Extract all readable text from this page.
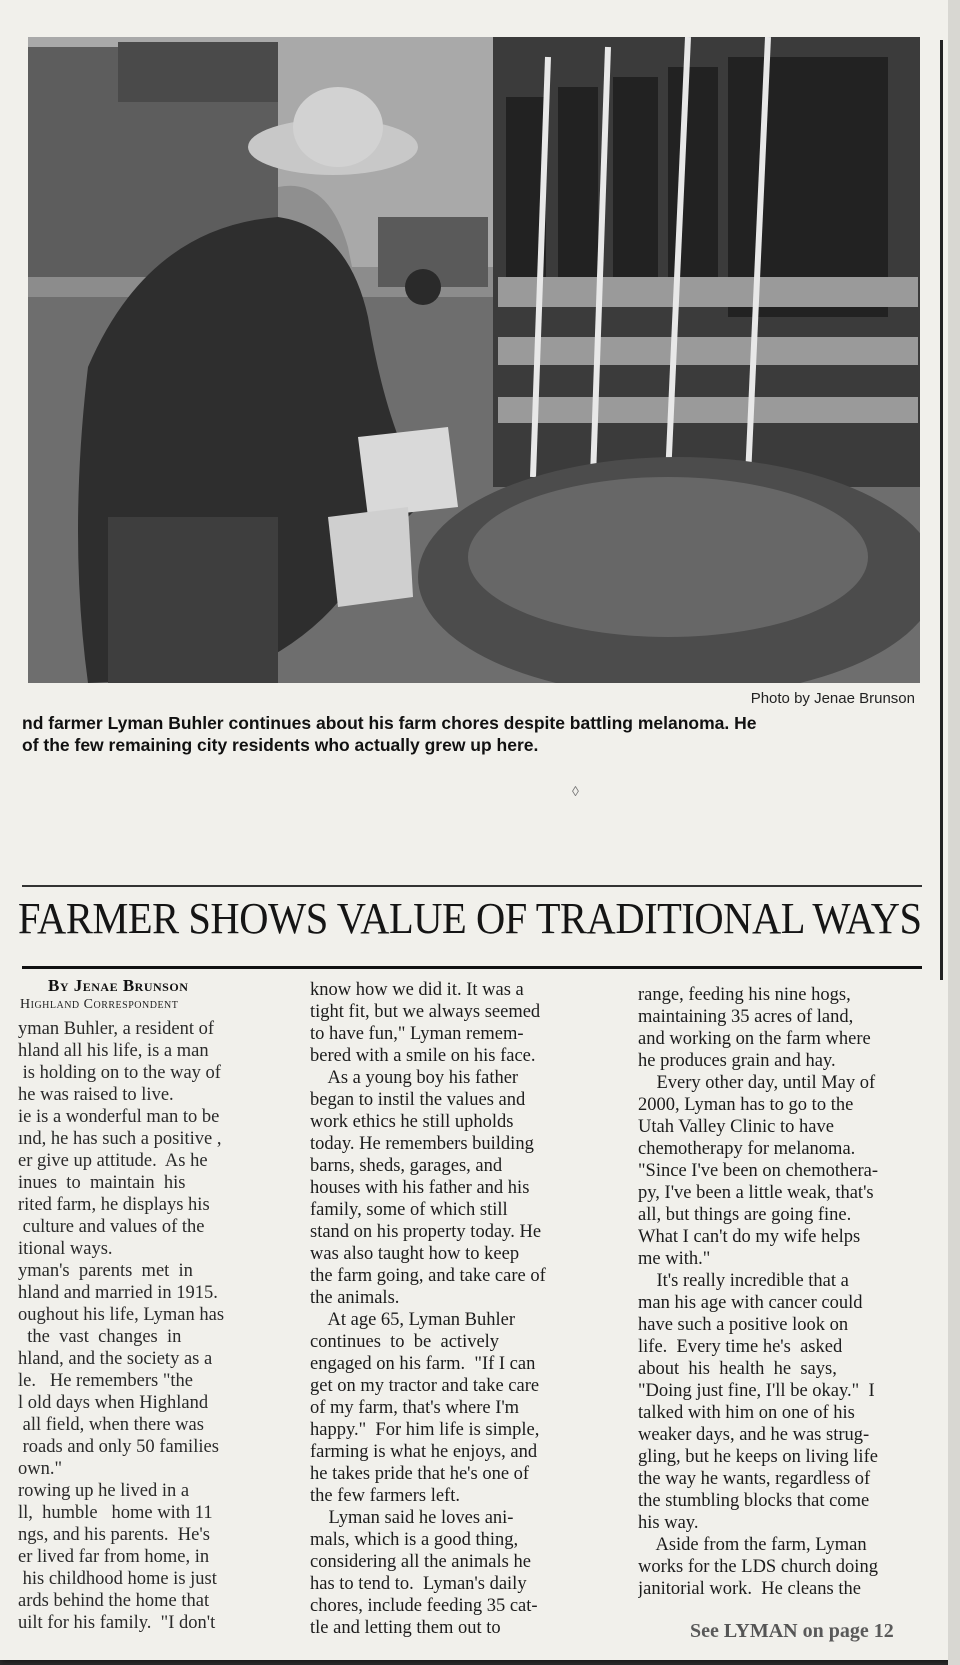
Photo by Jenae Brunson
nd farmer Lyman Buhler continues about his farm chores despite battling melanoma. He
of the few remaining city residents who actually grew up here.
◊
FARMER SHOWS VALUE OF TRADITIONAL WAYS
By Jenae Brunson
Highland Correspondent
yman Buhler, a resident of
hland all his life, is a man
is holding on to the way of
he was raised to live.
ie is a wonderful man to be
ınd, he has such a positive ,
er give up attitude.  As he
inues  to  maintain  his
rited farm, he displays his
culture and values of the
itional ways.
yman's  parents  met  in
hland and married in 1915.
oughout his life, Lyman has
the  vast  changes  in
hland, and the society as a
le.   He remembers "the
l old days when Highland
all field, when there was
roads and only 50 families
own."
rowing up he lived in a
ll,  humble   home with 11
ngs, and his parents.  He's
er lived far from home, in
his childhood home is just
ards behind the home that
uilt for his family.  "I don't
know how we did it. It was a
tight fit, but we always seemed
to have fun," Lyman remem-
bered with a smile on his face.
As a young boy his father
began to instil the values and
work ethics he still upholds
today. He remembers building
barns, sheds, garages, and
houses with his father and his
family, some of which still
stand on his property today. He
was also taught how to keep
the farm going, and take care of
the animals.
At age 65, Lyman Buhler
continues  to  be  actively
engaged on his farm.  "If I can
get on my tractor and take care
of my farm, that's where I'm
happy."  For him life is simple,
farming is what he enjoys, and
he takes pride that he's one of
the few farmers left.
Lyman said he loves ani-
mals, which is a good thing,
considering all the animals he
has to tend to.  Lyman's daily
chores, include feeding 35 cat-
tle and letting them out to
range, feeding his nine hogs,
maintaining 35 acres of land,
and working on the farm where
he produces grain and hay.
Every other day, until May of
2000, Lyman has to go to the
Utah Valley Clinic to have
chemotherapy for melanoma.
"Since I've been on chemothera-
py, I've been a little weak, that's
all, but things are going fine.
What I can't do my wife helps
me with."
It's really incredible that a
man his age with cancer could
have such a positive look on
life.  Every time he's  asked
about  his  health  he  says,
"Doing just fine, I'll be okay."  I
talked with him on one of his
weaker days, and he was strug-
gling, but he keeps on living life
the way he wants, regardless of
the stumbling blocks that come
his way.
Aside from the farm, Lyman
works for the LDS church doing
janitorial work.  He cleans the
See LYMAN on page 12
